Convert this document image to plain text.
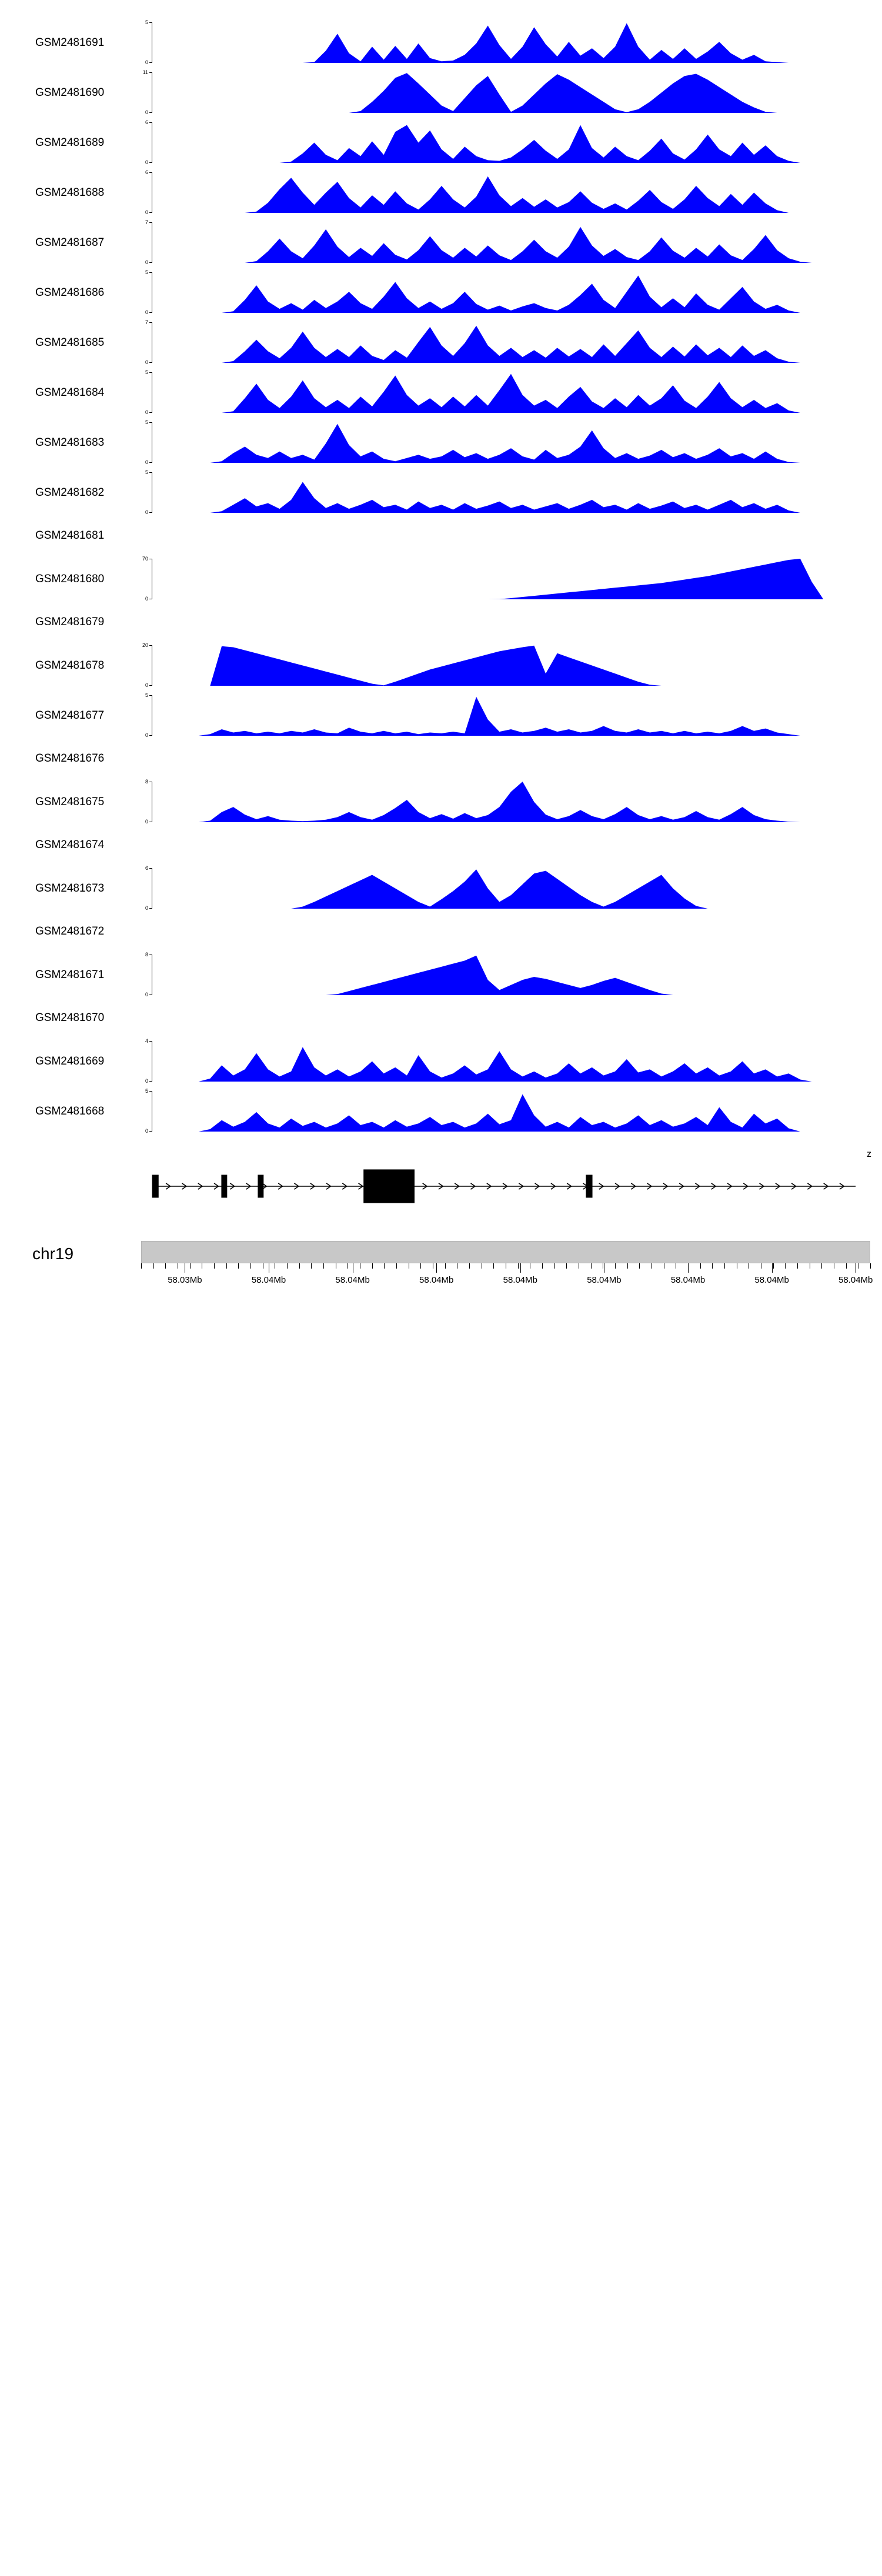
GSM2481691
5
0
GSM2481690
11
0
GSM2481689
6
0
GSM2481688
6
0
GSM2481687
7
0
GSM2481686
5
0
GSM2481685
7
0
GSM2481684
5
0
GSM2481683
5
0
GSM2481682
5
0
GSM2481681
GSM2481680
70
0
GSM2481679
GSM2481678
20
0
GSM2481677
5
0
GSM2481676
GSM2481675
8
0
GSM2481674
GSM2481673
6
0
GSM2481672
GSM2481671
8
0
GSM2481670
GSM2481669
4
0
GSM2481668
5
0
z
chr19
58.03Mb	58.04Mb	58.04Mb	58.04Mb	58.04Mb	58.04Mb	58.04Mb	58.04Mb	58.04Mb
